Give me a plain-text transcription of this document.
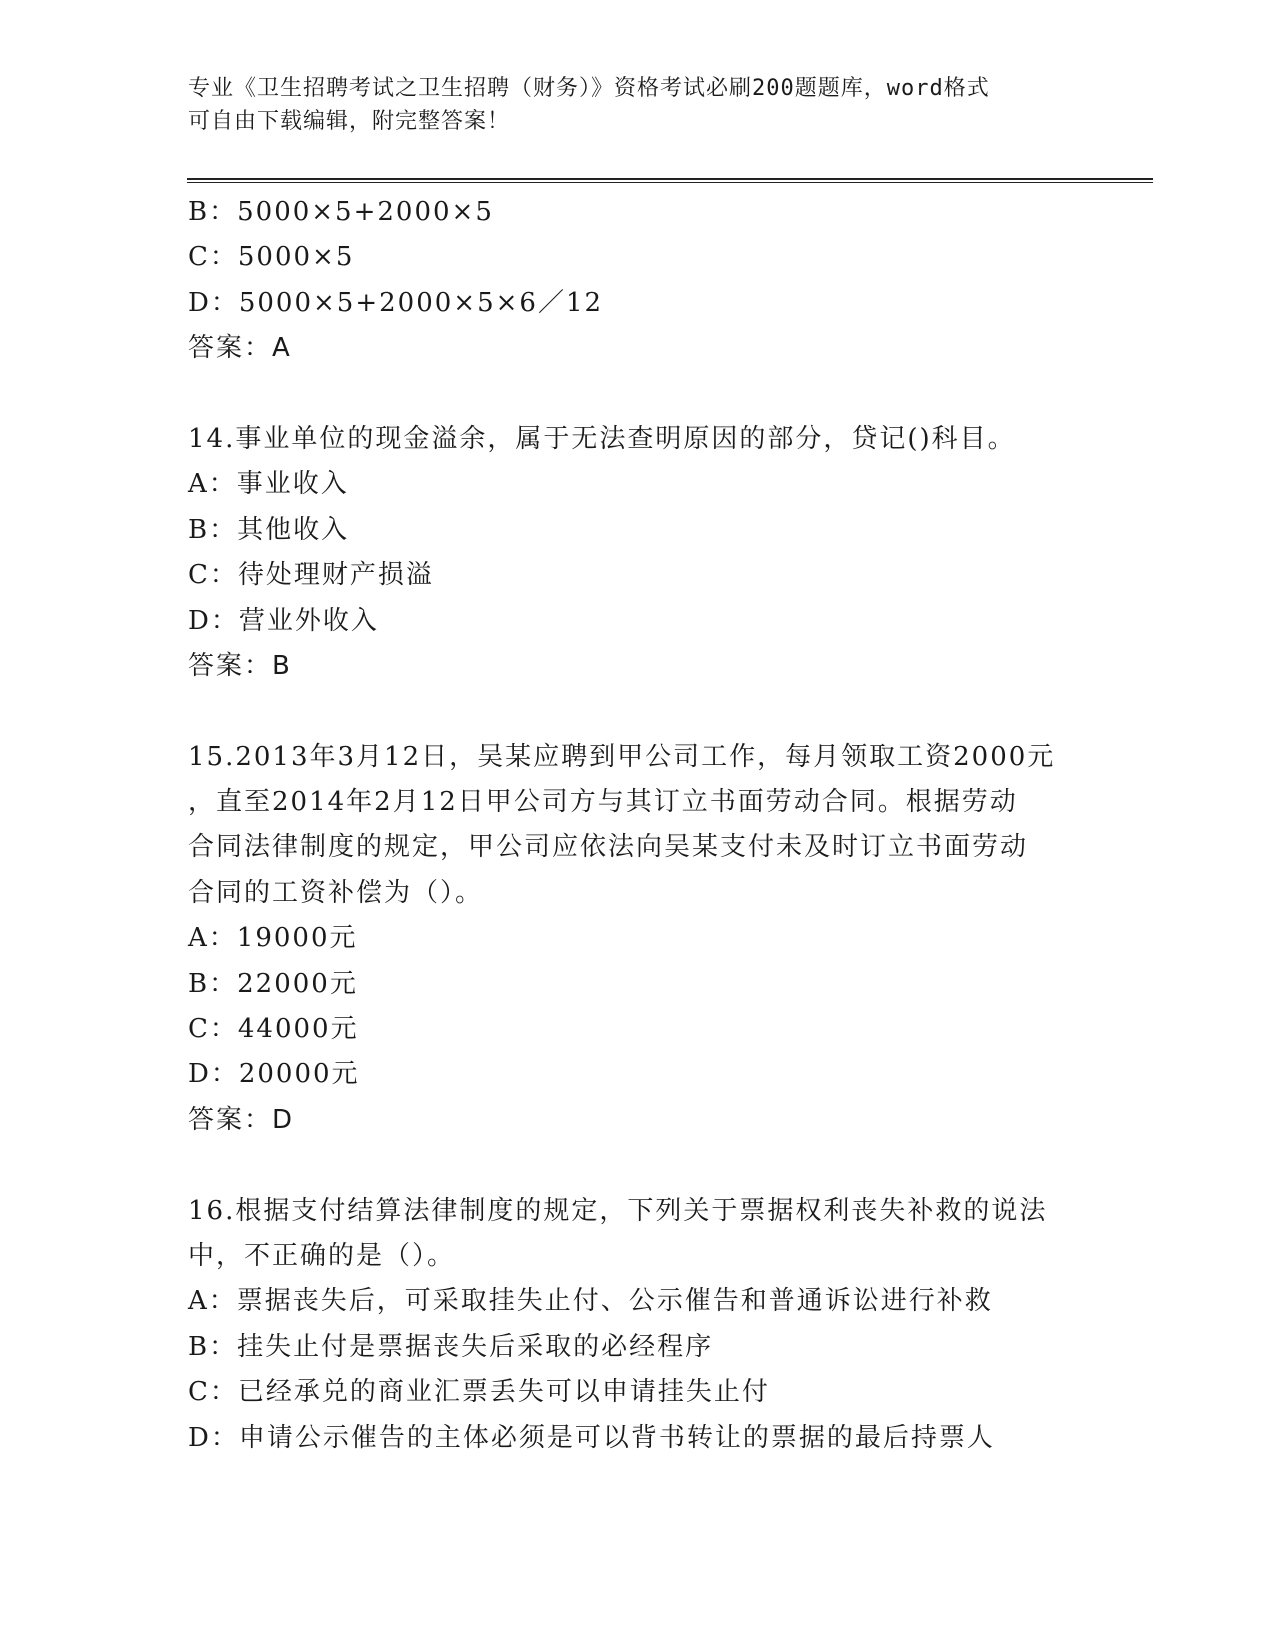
专业《卫生招聘考试之卫生招聘（财务）》资格考试必刷200题题库，word格式
可自由下载编辑，附完整答案！
B：5000×5+2000×5
C：5000×5
D：5000×5+2000×5×6／12
答案：A
14.事业单位的现金溢余，属于无法查明原因的部分，贷记()科目。
A：事业收入
B：其他收入
C：待处理财产损溢
D：营业外收入
答案：B
15.2013年3月12日，吴某应聘到甲公司工作，每月领取工资2000元
，直至2014年2月12日甲公司方与其订立书面劳动合同。根据劳动
合同法律制度的规定，甲公司应依法向吴某支付未及时订立书面劳动
合同的工资补偿为（）。
A：19000元
B：22000元
C：44000元
D：20000元
答案：D
16.根据支付结算法律制度的规定，下列关于票据权利丧失补救的说法
中，不正确的是（）。
A：票据丧失后，可采取挂失止付、公示催告和普通诉讼进行补救
B：挂失止付是票据丧失后采取的必经程序
C：已经承兑的商业汇票丢失可以申请挂失止付
D：申请公示催告的主体必须是可以背书转让的票据的最后持票人
